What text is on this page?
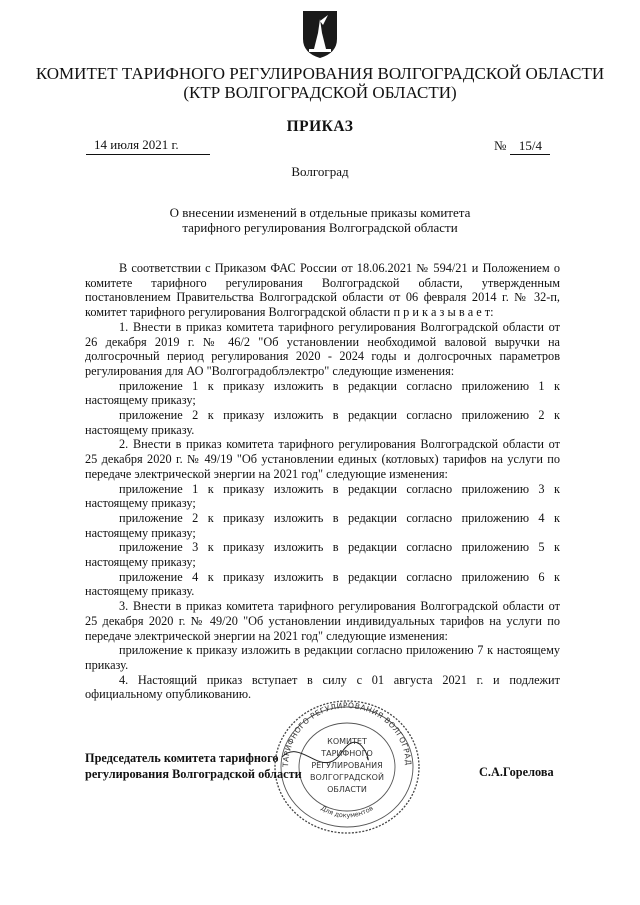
КОМИТЕТ ТАРИФНОГО РЕГУЛИРОВАНИЯ ВОЛГОГРАДСКОЙ ОБЛАСТИ
(КТР ВОЛГОГРАДСКОЙ ОБЛАСТИ)
ПРИКАЗ
14 июля 2021 г.	№ 15/4
Волгоград
О внесении изменений в отдельные приказы комитета
тарифного регулирования Волгоградской области

В соответствии с Приказом ФАС России от 18.06.2021 № 594/21 и Положением о комитете тарифного регулирования Волгоградской области, утвержденным постановлением Правительства Волгоградской области от 06 февраля 2014 г. № 32-п, комитет тарифного регулирования Волгоградской области п р и к а з ы в а е т:

1. Внести в приказ комитета тарифного регулирования Волгоградской области от 26 декабря 2019 г. № 46/2 "Об установлении необходимой валовой выручки на долгосрочный период регулирования 2020 - 2024 годы и долгосрочных параметров регулирования для АО "Волгоградоблэлектро" следующие изменения:

приложение 1 к приказу изложить в редакции согласно приложению 1 к настоящему приказу;

приложение 2 к приказу изложить в редакции согласно приложению 2 к настоящему приказу.

2. Внести в приказ комитета тарифного регулирования Волгоградской области от 25 декабря 2020 г. № 49/19 "Об установлении единых (котловых) тарифов на услуги по передаче электрической энергии на 2021 год" следующие изменения:

приложение 1 к приказу изложить в редакции согласно приложению 3 к настоящему приказу;

приложение 2 к приказу изложить в редакции согласно приложению 4 к настоящему приказу;

приложение 3 к приказу изложить в редакции согласно приложению 5 к настоящему приказу;

приложение 4 к приказу изложить в редакции согласно приложению 6 к настоящему приказу.

3. Внести в приказ комитета тарифного регулирования Волгоградской области от 25 декабря 2020 г. № 49/20 "Об установлении индивидуальных тарифов на услуги по передаче электрической энергии на 2021 год" следующие изменения:

приложение к приказу изложить в редакции согласно приложению 7 к настоящему приказу.

4. Настоящий приказ вступает в силу с 01 августа 2021 г. и подлежит официальному опубликованию.

ТАРИФНОГО РЕГУЛИРОВАНИЯ ВОЛГОГРАД
Для документов
КОМИТЕТ
ТАРИФНОГО
РЕГУЛИРОВАНИЯ
ВОЛГОГРАДСКОЙ
ОБЛАСТИ
Председатель комитета тарифного
регулирования Волгоградской области	С.А.Горелова
